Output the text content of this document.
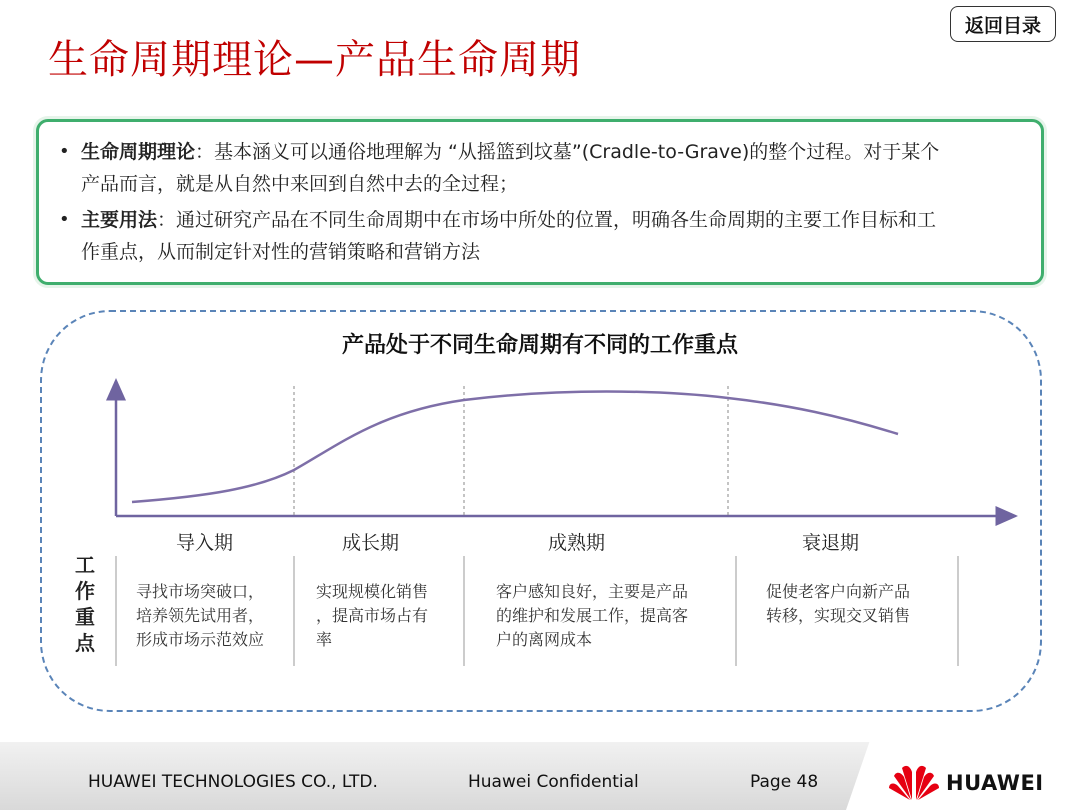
生命周期理论—产品生命周期
返回目录
• 生命周期理论：基本涵义可以通俗地理解为 “从摇篮到坟墓”(Cradle-to-Grave)的整个过程。对于某个
产品而言，就是从自然中来回到自然中去的全过程；
• 主要用法：通过研究产品在不同生命周期中在市场中所处的位置，明确各生命周期的主要工作目标和工
作重点，从而制定针对性的营销策略和营销方法
产品处于不同生命周期有不同的工作重点
导入期	成长期	成熟期	衰退期
工
作
重
点
寻找市场突破口，
培养领先试用者，
形成市场示范效应
实现规模化销售
，提高市场占有
率
客户感知良好，主要是产品
的维护和发展工作，提高客
户的离网成本
促使老客户向新产品
转移，实现交叉销售
HUAWEI TECHNOLOGIES CO., LTD.	Huawei Confidential	Page 48	HUAWEI
